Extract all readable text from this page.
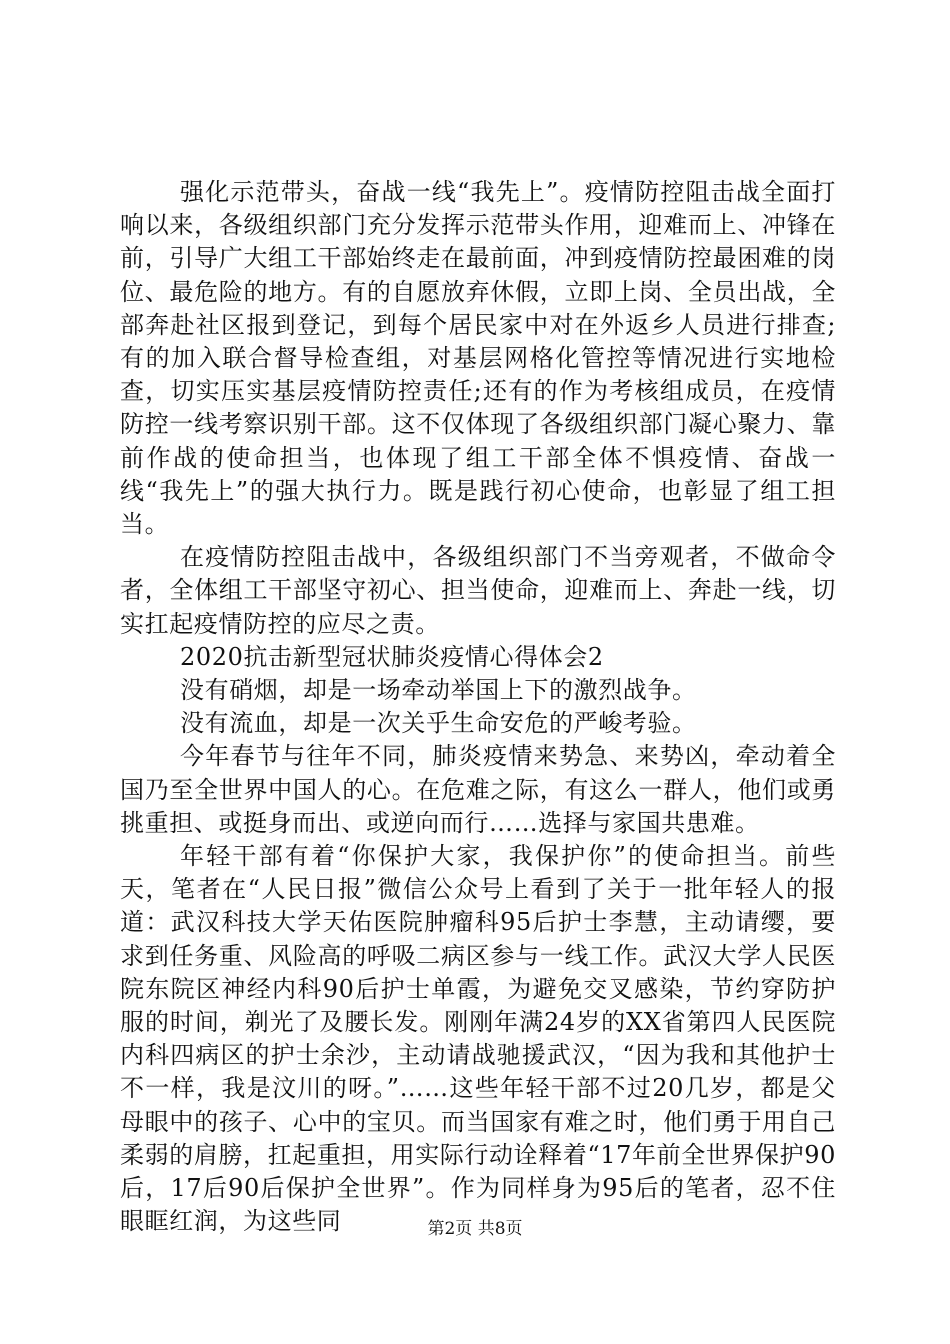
强化示范带头，奋战一线“我先上”。疫情防控阻击战全面打响以来，各级组织部门充分发挥示范带头作用，迎难而上、冲锋在前，引导广大组工干部始终走在最前面，冲到疫情防控最困难的岗位、最危险的地方。有的自愿放弃休假，立即上岗、全员出战，全部奔赴社区报到登记，到每个居民家中对在外返乡人员进行排查;有的加入联合督导检查组，对基层网格化管控等情况进行实地检查，切实压实基层疫情防控责任;还有的作为考核组成员，在疫情防控一线考察识别干部。这不仅体现了各级组织部门凝心聚力、靠前作战的使命担当，也体现了组工干部全体不惧疫情、奋战一线“我先上”的强大执行力。既是践行初心使命，也彰显了组工担当。

在疫情防控阻击战中，各级组织部门不当旁观者，不做命令者，全体组工干部坚守初心、担当使命，迎难而上、奔赴一线，切实扛起疫情防控的应尽之责。

2020抗击新型冠状肺炎疫情心得体会2

没有硝烟，却是一场牵动举国上下的激烈战争。

没有流血，却是一次关乎生命安危的严峻考验。

今年春节与往年不同，肺炎疫情来势急、来势凶，牵动着全国乃至全世界中国人的心。在危难之际，有这么一群人，他们或勇挑重担、或挺身而出、或逆向而行……选择与家国共患难。

年轻干部有着“你保护大家，我保护你”的使命担当。前些天，笔者在“人民日报”微信公众号上看到了关于一批年轻人的报道：武汉科技大学天佑医院肿瘤科95后护士李慧，主动请缨，要求到任务重、风险高的呼吸二病区参与一线工作。武汉大学人民医院东院区神经内科90后护士单霞，为避免交叉感染，节约穿防护服的时间，剃光了及腰长发。刚刚年满24岁的XX省第四人民医院内科四病区的护士余沙，主动请战驰援武汉，“因为我和其他护士不一样，我是汶川的呀。”……这些年轻干部不过20几岁，都是父母眼中的孩子、心中的宝贝。而当国家有难之时，他们勇于用自己柔弱的肩膀，扛起重担，用实际行动诠释着“17年前全世界保护90后，17后90后保护全世界”。作为同样身为95后的笔者，忍不住眼眶红润，为这些同	第2页 共8页
